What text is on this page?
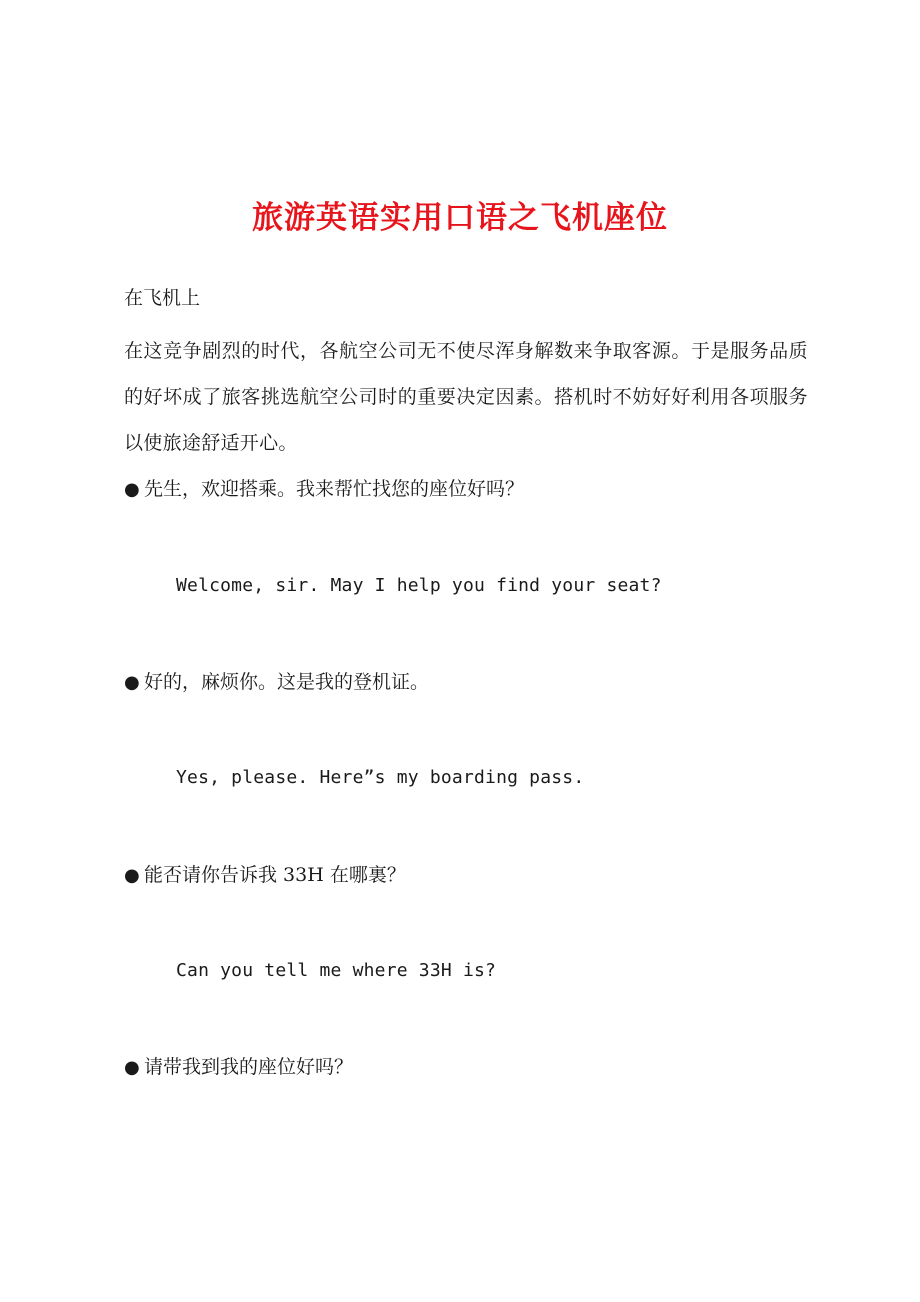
旅游英语实用口语之飞机座位
在飞机上
在这竞争剧烈的时代，各航空公司无不使尽浑身解数来争取客源。于是服务品质的好坏成了旅客挑选航空公司时的重要决定因素。搭机时不妨好好利用各项服务以使旅途舒适开心。
● 先生，欢迎搭乘。我来帮忙找您的座位好吗？
Welcome, sir. May I help you find your seat?
● 好的，麻烦你。这是我的登机证。
Yes, please. Here”s my boarding pass.
● 能否请你告诉我 33H 在哪裏？
Can you tell me where 33H is?
● 请带我到我的座位好吗？
